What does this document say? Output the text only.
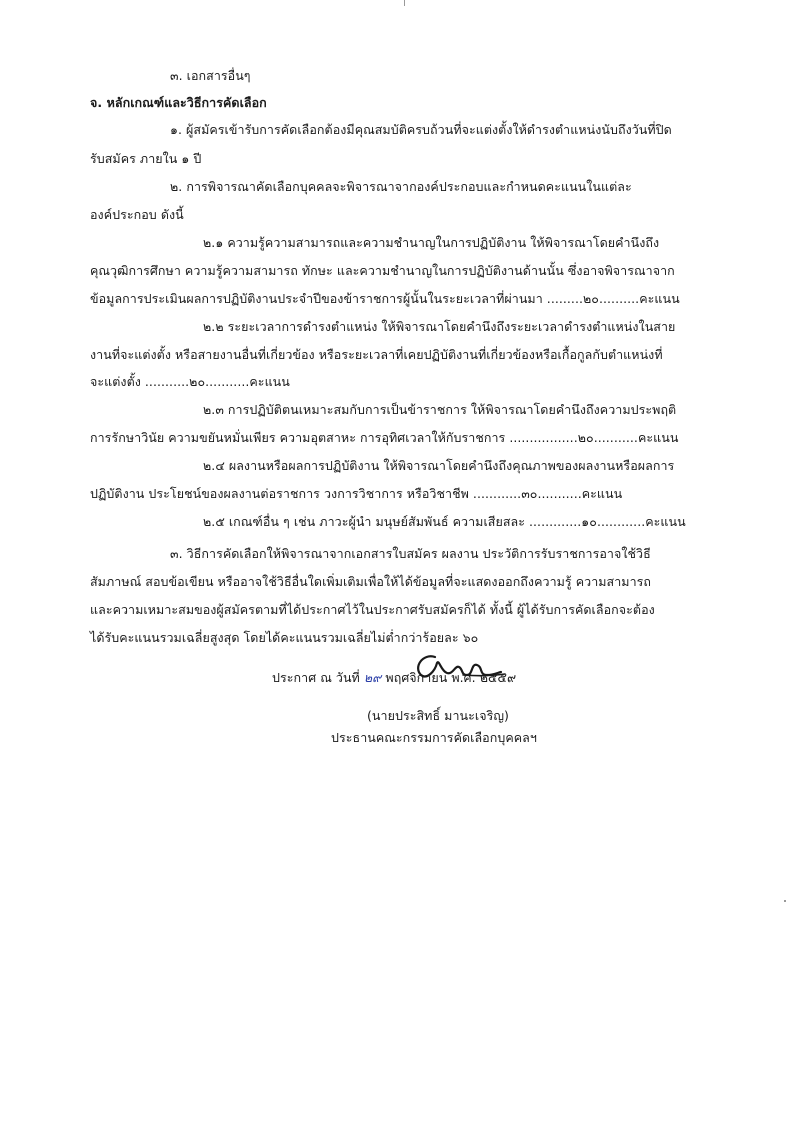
๓. เอกสารอื่นๆ
จ. หลักเกณฑ์และวิธีการคัดเลือก
๑. ผู้สมัครเข้ารับการคัดเลือกต้องมีคุณสมบัติครบถ้วนที่จะแต่งตั้งให้ดำรงตำแหน่งนับถึงวันที่ปิด
รับสมัคร ภายใน ๑ ปี
๒. การพิจารณาคัดเลือกบุคคลจะพิจารณาจากองค์ประกอบและกำหนดคะแนนในแต่ละ
องค์ประกอบ ดังนี้
๒.๑ ความรู้ความสามารถและความชำนาญในการปฏิบัติงาน ให้พิจารณาโดยคำนึงถึง
คุณวุฒิการศึกษา ความรู้ความสามารถ ทักษะ และความชำนาญในการปฏิบัติงานด้านนั้น ซึ่งอาจพิจารณาจาก
ข้อมูลการประเมินผลการปฏิบัติงานประจำปีของข้าราชการผู้นั้นในระยะเวลาที่ผ่านมา .........๒๐..........คะแนน
๒.๒ ระยะเวลาการดำรงตำแหน่ง ให้พิจารณาโดยคำนึงถึงระยะเวลาดำรงตำแหน่งในสาย
งานที่จะแต่งตั้ง หรือสายงานอื่นที่เกี่ยวข้อง หรือระยะเวลาที่เคยปฏิบัติงานที่เกี่ยวข้องหรือเกื้อกูลกับตำแหน่งที่
จะแต่งตั้ง ...........๒๐...........คะแนน
๒.๓ การปฏิบัติตนเหมาะสมกับการเป็นข้าราชการ ให้พิจารณาโดยคำนึงถึงความประพฤติ
การรักษาวินัย ความขยันหมั่นเพียร ความอุตสาหะ การอุทิศเวลาให้กับราชการ .................๒๐...........คะแนน
๒.๔ ผลงานหรือผลการปฏิบัติงาน ให้พิจารณาโดยคำนึงถึงคุณภาพของผลงานหรือผลการ
ปฏิบัติงาน ประโยชน์ของผลงานต่อราชการ วงการวิชาการ หรือวิชาชีพ ............๓๐...........คะแนน
๒.๕ เกณฑ์อื่น ๆ เช่น ภาวะผู้นำ มนุษย์สัมพันธ์ ความเสียสละ .............๑๐............คะแนน
๓. วิธีการคัดเลือกให้พิจารณาจากเอกสารใบสมัคร ผลงาน ประวัติการรับราชการอาจใช้วิธี
สัมภาษณ์ สอบข้อเขียน หรืออาจใช้วิธีอื่นใดเพิ่มเติมเพื่อให้ได้ข้อมูลที่จะแสดงออกถึงความรู้ ความสามารถ
และความเหมาะสมของผู้สมัครตามที่ได้ประกาศไว้ในประกาศรับสมัครก็ได้ ทั้งนี้ ผู้ได้รับการคัดเลือกจะต้อง
ได้รับคะแนนรวมเฉลี่ยสูงสุด โดยได้คะแนนรวมเฉลี่ยไม่ต่ำกว่าร้อยละ ๖๐
ประกาศ ณ วันที่ ๒๙ พฤศจิกายน พ.ศ. ๒๕๕๙
(นายประสิทธิ์ มานะเจริญ)
ประธานคณะกรรมการคัดเลือกบุคคลฯ
